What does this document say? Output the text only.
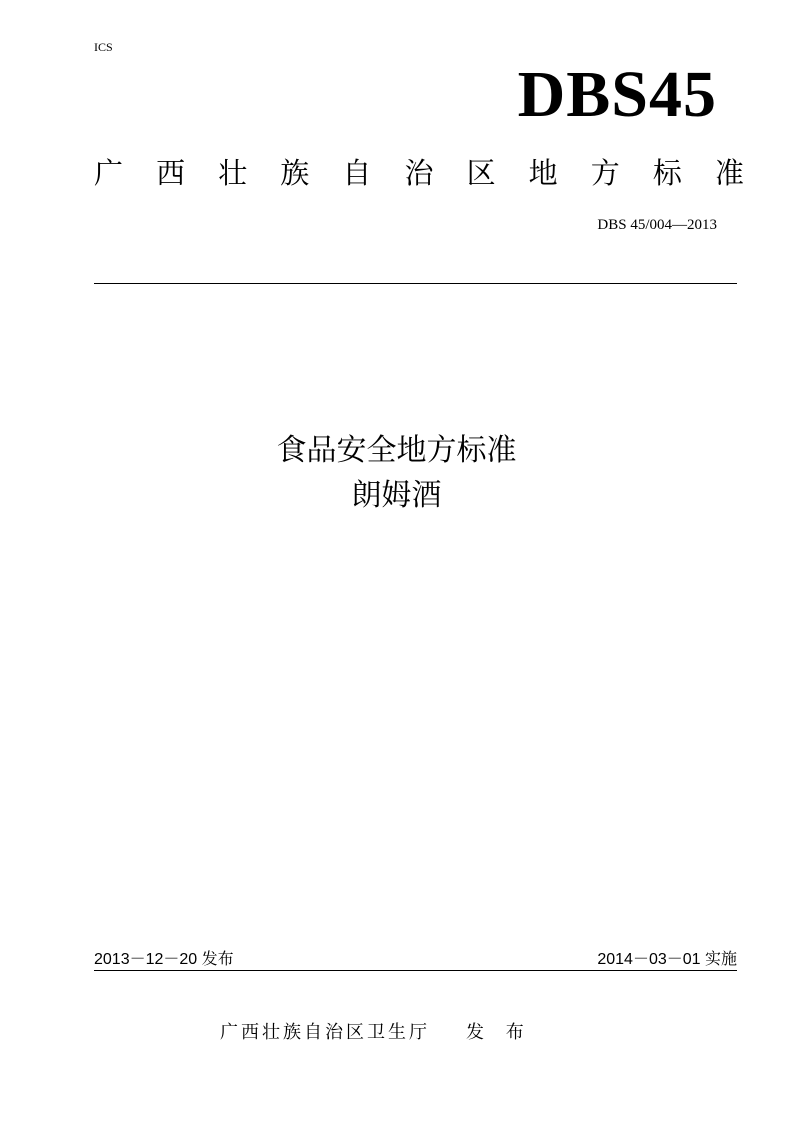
ICS
DBS45
广 西 壮 族 自 治 区 地 方 标 准
DBS 45/004—2013
食品安全地方标准
朗姆酒
2013－12－20 发布	2014－03－01 实施
广西壮族自治区卫生厅 发 布
